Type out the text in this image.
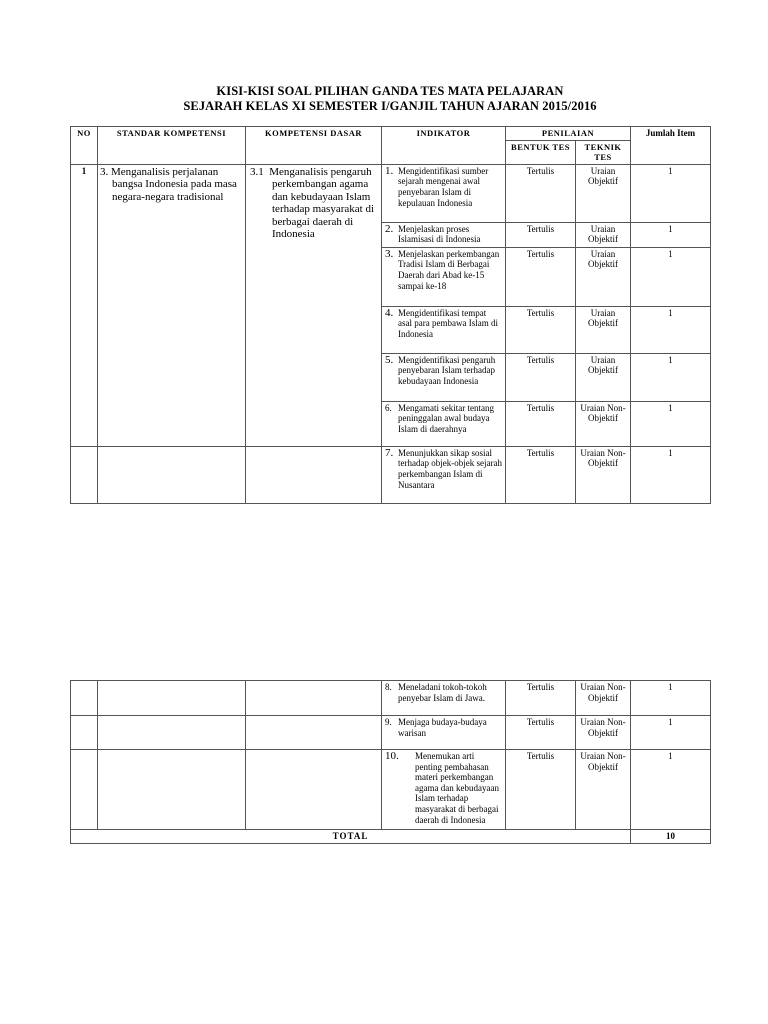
KISI-KISI SOAL PILIHAN GANDA TES MATA PELAJARAN
SEJARAH KELAS XI SEMESTER I/GANJIL TAHUN AJARAN 2015/2016
NO	STANDAR KOMPETENSI	KOMPETENSI DASAR	INDIKATOR	PENILAIAN		Jumlah Item
				BENTUK TES	TEKNIK TES	
1	3. Menganalisis perjalanan bangsa Indonesia pada masa negara-negara tradisional	3.1 Menganalisis pengaruh perkembangan agama dan kebudayaan Islam terhadap masyarakat di berbagai daerah di Indonesia	1. Mengidentifikasi sumber sejarah mengenai awal penyebaran Islam di kepulauan Indonesia	Tertulis	Uraian Objektif	1

			2. Menjelaskan proses Islamisasi di Indonesia	Tertulis	Uraian Objektif	1

			3. Menjelaskan perkembangan Tradisi Islam di Berbagai Daerah dari Abad ke-15 sampai ke-18	Tertulis	Uraian Objektif	1

			4. Mengidentifikasi tempat asal para pembawa Islam di Indonesia	Tertulis	Uraian Objektif	1

			5. Mengidentifikasi pengaruh penyebaran Islam terhadap kebudayaan Indonesia	Tertulis	Uraian Objektif	1

			6. Mengamati sekitar tentang peninggalan awal budaya Islam di daerahnya	Tertulis	Uraian Non-Objektif	1

			7. Menunjukkan sikap sosial terhadap objek-objek sejarah perkembangan Islam di Nusantara	Tertulis	Uraian Non-Objektif	1

			8. Meneladani tokoh-tokoh penyebar Islam di Jawa.	Tertulis	Uraian Non-Objektif	1

			9. Menjaga budaya-budaya warisan	Tertulis	Uraian Non-Objektif	1

			10. Menemukan arti penting pembahasan materi perkembangan agama dan kebudayaan Islam terhadap masyarakat di berbagai daerah di Indonesia	Tertulis	Uraian Non-Objektif	1
TOTAL						10
